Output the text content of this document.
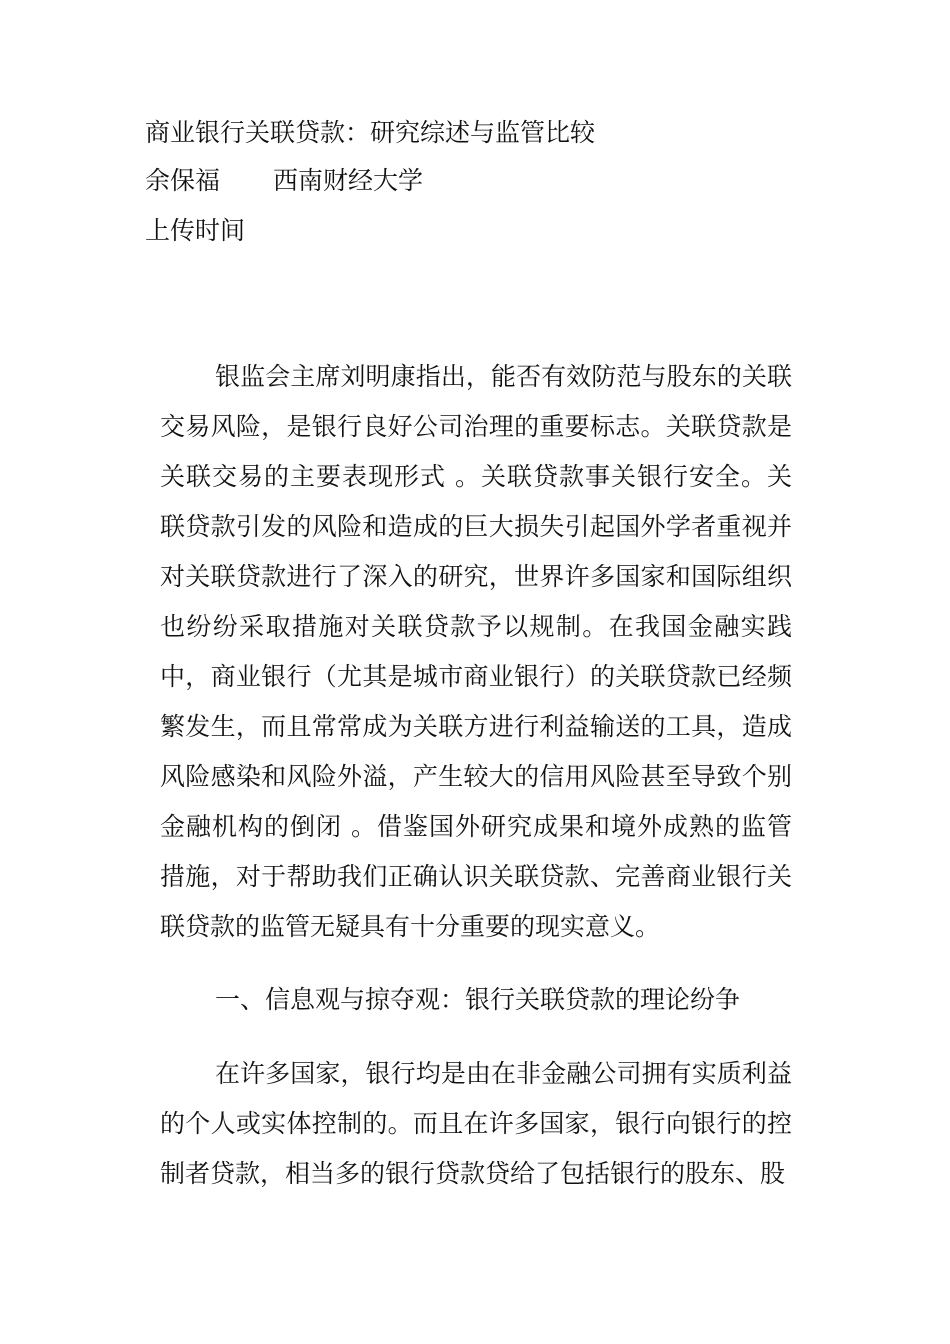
商业银行关联贷款：研究综述与监管比较
余保福 西南财经大学
上传时间

银监会主席刘明康指出，能否有效防范与股东的关联交易风险，是银行良好公司治理的重要标志。关联贷款是关联交易的主要表现形式 。关联贷款事关银行安全。关联贷款引发的风险和造成的巨大损失引起国外学者重视并对关联贷款进行了深入的研究，世界许多国家和国际组织也纷纷采取措施对关联贷款予以规制。在我国金融实践中，商业银行（尤其是城市商业银行）的关联贷款已经频繁发生，而且常常成为关联方进行利益输送的工具，造成风险感染和风险外溢，产生较大的信用风险甚至导致个别金融机构的倒闭 。借鉴国外研究成果和境外成熟的监管措施，对于帮助我们正确认识关联贷款、完善商业银行关联贷款的监管无疑具有十分重要的现实意义。

一、信息观与掠夺观：银行关联贷款的理论纷争

在许多国家，银行均是由在非金融公司拥有实质利益的个人或实体控制的。而且在许多国家，银行向银行的控制者贷款，相当多的银行贷款贷给了包括银行的股东、股
